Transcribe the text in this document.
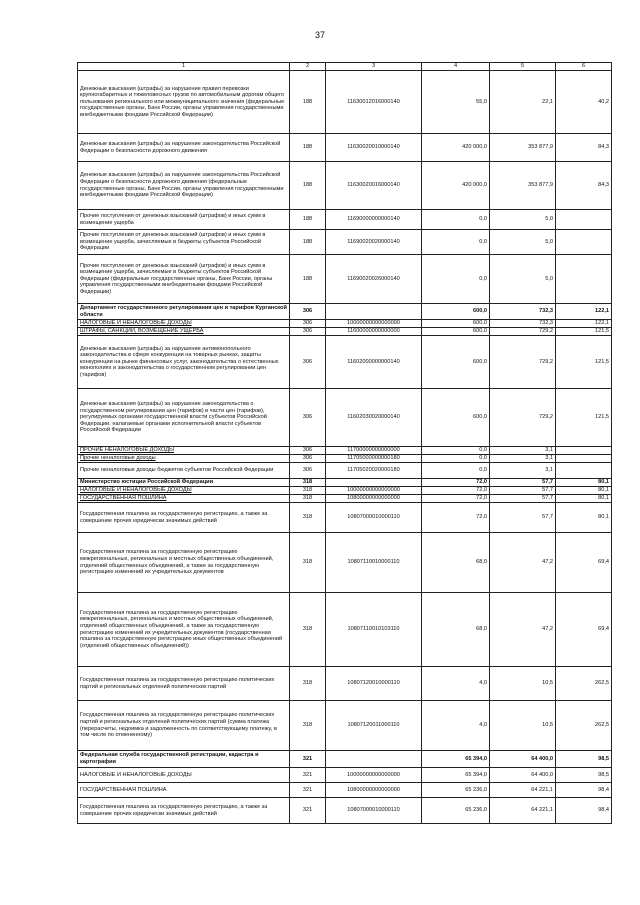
37
1	2	3	4	5	6
Денежные взыскания (штрафы) за нарушение правил перевозки крупногабаритных и тяжеловесных грузов по автомобильным дорогам общего пользования регионального или межмуниципального значения (федеральные государственные органы, Банк России, органы управления государственными внебюджетными фондами Российской Федерации)	188	11630012016000140	55,0	22,1	40,2
Денежные взыскания (штрафы) за нарушение законодательства Российской Федерации о безопасности дорожного движения	188	11630020010000140	420 000,0	353 877,9	84,3
Денежные взыскания (штрафы) за нарушение законодательства Российской Федерации о безопасности дорожного движения (федеральные государственные органы, Банк России, органы управления государственными внебюджетными фондами Российской Федерации)	188	11630020016000140	420 000,0	353 877,9	84,3
Прочие поступления от денежных взысканий (штрафов) и иных сумм в возмещение ущерба	188	11690000000000140	0,0	5,0	
Прочие поступления от денежных взысканий (штрафов) и иных сумм в возмещение ущерба, зачисляемые в бюджеты субъектов Российской Федерации	188	11690020020000140	0,0	5,0	
Прочие поступления от денежных взысканий (штрафов) и иных сумм в возмещение ущерба, зачисляемые в бюджеты субъектов Российской Федерации (федеральные государственные органы, Банк России, органы управления государственными внебюджетными фондами Российской Федерации)	188	11690020026000140	0,0	5,0	
Департамент государственного регулирования цен и тарифов Курганской области	306		600,0	732,3	122,1
НАЛОГОВЫЕ И НЕНАЛОГОВЫЕ ДОХОДЫ	306	10000000000000000	600,0	732,3	122,1
ШТРАФЫ, САНКЦИИ, ВОЗМЕЩЕНИЕ УЩЕРБА	306	11600000000000000	600,0	729,2	121,5
Денежные взыскания (штрафы) за нарушение антимонопольного законодательства в сфере конкуренции на товарных рынках, защиты конкуренции на рынке финансовых услуг, законодательства о естественных монополиях и законодательства о государственном регулировании цен (тарифов)	306	11602000000000140	600,0	729,2	121,5
Денежные взыскания (штрафы) за нарушение законодательства о государственном регулировании цен (тарифов) в части цен (тарифов), регулируемых органами государственной власти субъектов Российской Федерации, налагаемые органами исполнительной власти субъектов Российской Федерации	306	11602030020000140	600,0	729,2	121,5
ПРОЧИЕ НЕНАЛОГОВЫЕ ДОХОДЫ	306	11700000000000000	0,0	3,1	
Прочие неналоговые доходы	306	11705000000000180	0,0	3,1	
Прочие неналоговые доходы бюджетов субъектов Российской Федерации	306	11705020020000180	0,0	3,1	
Министерство юстиции Российской Федерации	318		72,0	57,7	80,1
НАЛОГОВЫЕ И НЕНАЛОГОВЫЕ ДОХОДЫ	318	10000000000000000	72,0	57,7	80,1
ГОСУДАРСТВЕННАЯ ПОШЛИНА	318	10800000000000000	72,0	57,7	80,1
Государственная пошлина за государственную регистрацию, а также за совершение прочих юридически значимых действий	318	10807000010000110	72,0	57,7	80,1
Государственная пошлина за государственную регистрацию межрегиональных, региональных и местных общественных объединений, отделений общественных объединений, а также за государственную регистрацию изменений их учредительных документов	318	10807110010000110	68,0	47,2	69,4
Государственная пошлина за государственную регистрацию межрегиональных, региональных и местных общественных объединений, отделений общественных объединений, а также за государственную регистрацию изменений их учредительных документов (государственная пошлина за государственную регистрацию иных общественных объединений (отделений общественных объединений))	318	10807110010103110	68,0	47,2	69,4
Государственная пошлина за государственную регистрацию политических партий и региональных отделений политических партий	318	10807120010000110	4,0	10,5	262,5
Государственная пошлина за государственную регистрацию политических партий и региональных отделений политических партий (сумма платежа (перерасчеты, недоимка и задолженность по соответствующему платежу, в том числе по отмененному)	318	10807120011000110	4,0	10,5	262,5
Федеральная служба государственной регистрации, кадастра и картографии	321		65 394,0	64 400,0	98,5
НАЛОГОВЫЕ И НЕНАЛОГОВЫЕ ДОХОДЫ	321	10000000000000000	65 394,0	64 400,0	98,5
ГОСУДАРСТВЕННАЯ ПОШЛИНА	321	10800000000000000	65 236,0	64 221,1	98,4
Государственная пошлина за государственную регистрацию, а также за совершение прочих юридически значимых действий	321	10807000010000110	65 236,0	64 221,1	98,4
